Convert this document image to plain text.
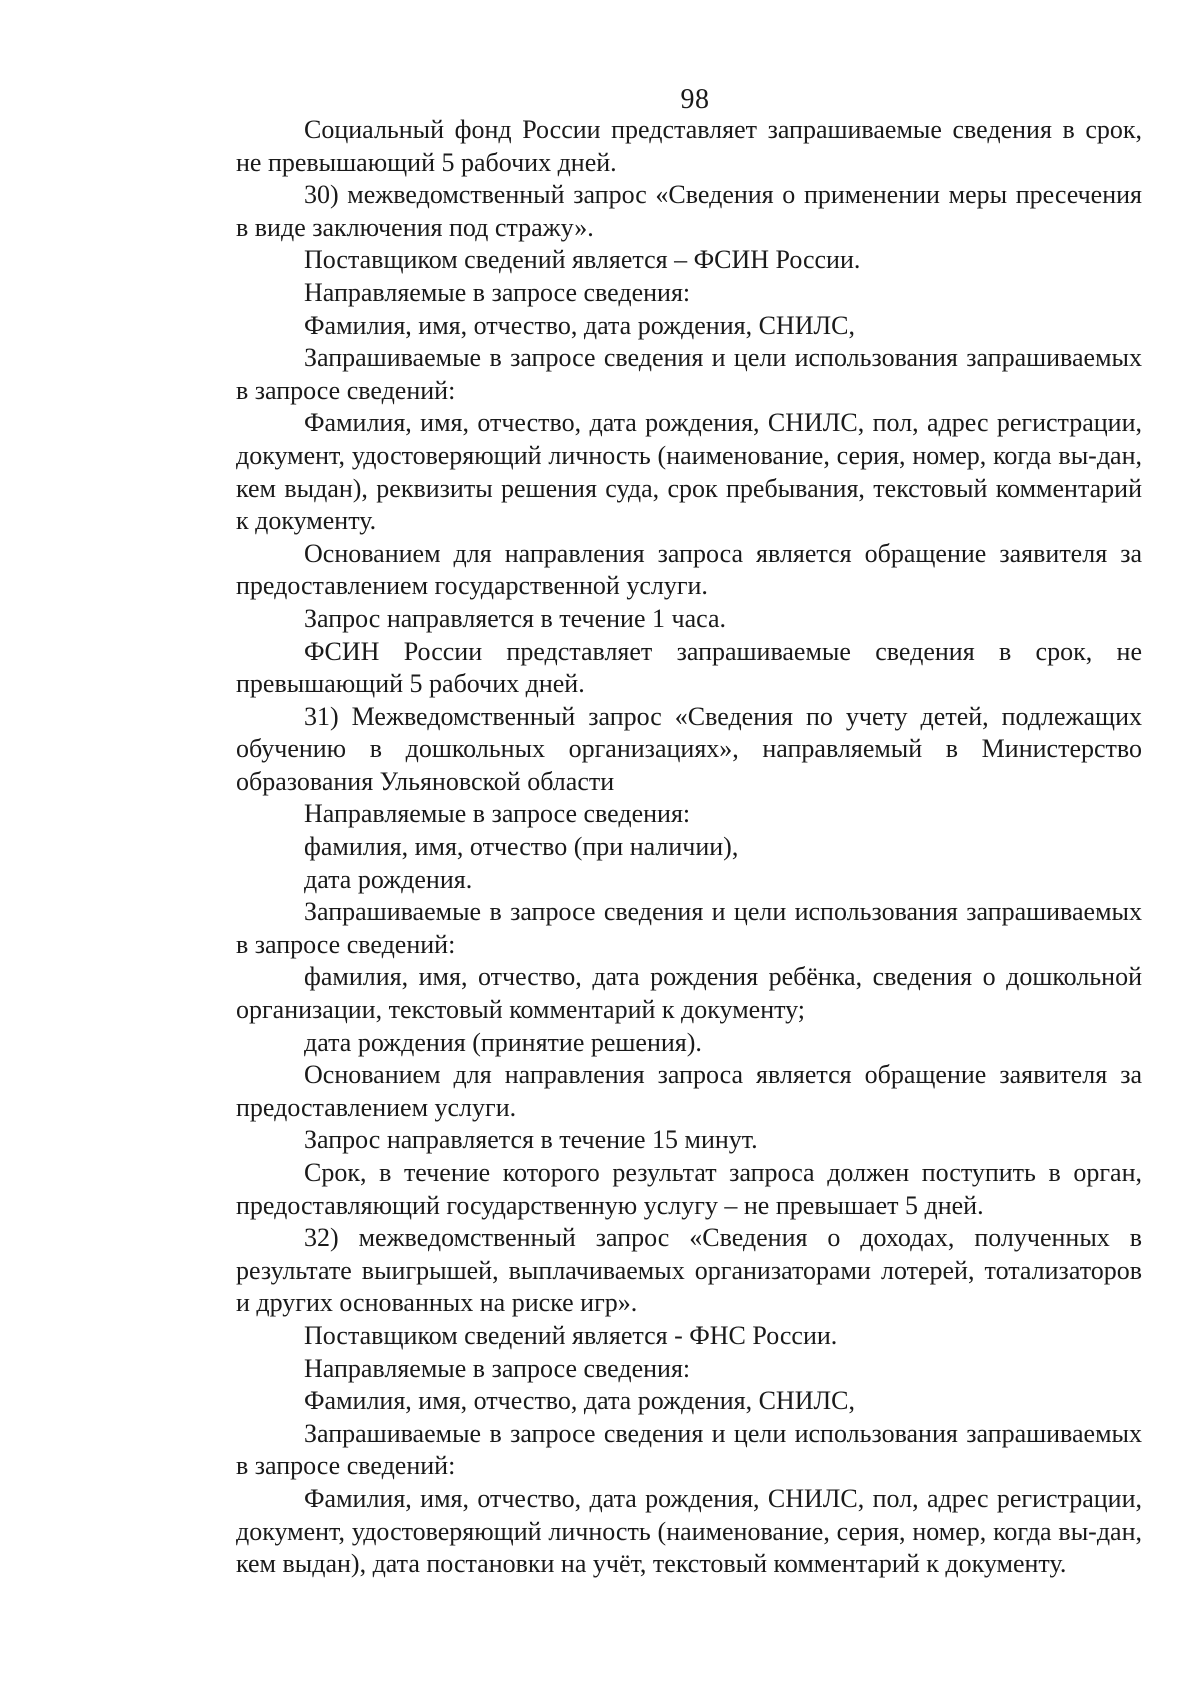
98

Социальный фонд России представляет запрашиваемые сведения в срок, не превышающий 5 рабочих дней.

30) межведомственный запрос «Сведения о применении меры пресечения в виде заключения под стражу».

Поставщиком сведений является – ФСИН России.

Направляемые в запросе сведения:

Фамилия, имя, отчество, дата рождения, СНИЛС,

Запрашиваемые в запросе сведения и цели использования запрашиваемых в запросе сведений:

Фамилия, имя, отчество, дата рождения, СНИЛС, пол, адрес регистрации, документ, удостоверяющий личность (наименование, серия, номер, когда вы-дан, кем выдан), реквизиты решения суда, срок пребывания, текстовый комментарий к документу.

Основанием для направления запроса является обращение заявителя за предоставлением государственной услуги.

Запрос направляется в течение 1 часа.

ФСИН России представляет запрашиваемые сведения в срок, не превышающий 5 рабочих дней.

31) Межведомственный запрос «Сведения по учету детей, подлежащих обучению в дошкольных организациях», направляемый в Министерство образования Ульяновской области

Направляемые в запросе сведения:

фамилия, имя, отчество (при наличии),

дата рождения.

Запрашиваемые в запросе сведения и цели использования запрашиваемых в запросе сведений:

фамилия, имя, отчество, дата рождения ребёнка, сведения о дошкольной организации, текстовый комментарий к документу;

дата рождения (принятие решения).

Основанием для направления запроса является обращение заявителя за предоставлением услуги.

Запрос направляется в течение 15 минут.

Срок, в течение которого результат запроса должен поступить в орган, предоставляющий государственную услугу – не превышает 5 дней.

32) межведомственный запрос «Сведения о доходах, полученных в результате выигрышей, выплачиваемых организаторами лотерей, тотализаторов и других основанных на риске игр».

Поставщиком сведений является - ФНС России.

Направляемые в запросе сведения:

Фамилия, имя, отчество, дата рождения, СНИЛС,

Запрашиваемые в запросе сведения и цели использования запрашиваемых в запросе сведений:

Фамилия, имя, отчество, дата рождения, СНИЛС, пол, адрес регистрации, документ, удостоверяющий личность (наименование, серия, номер, когда вы-дан, кем выдан), дата постановки на учёт, текстовый комментарий к документу.
